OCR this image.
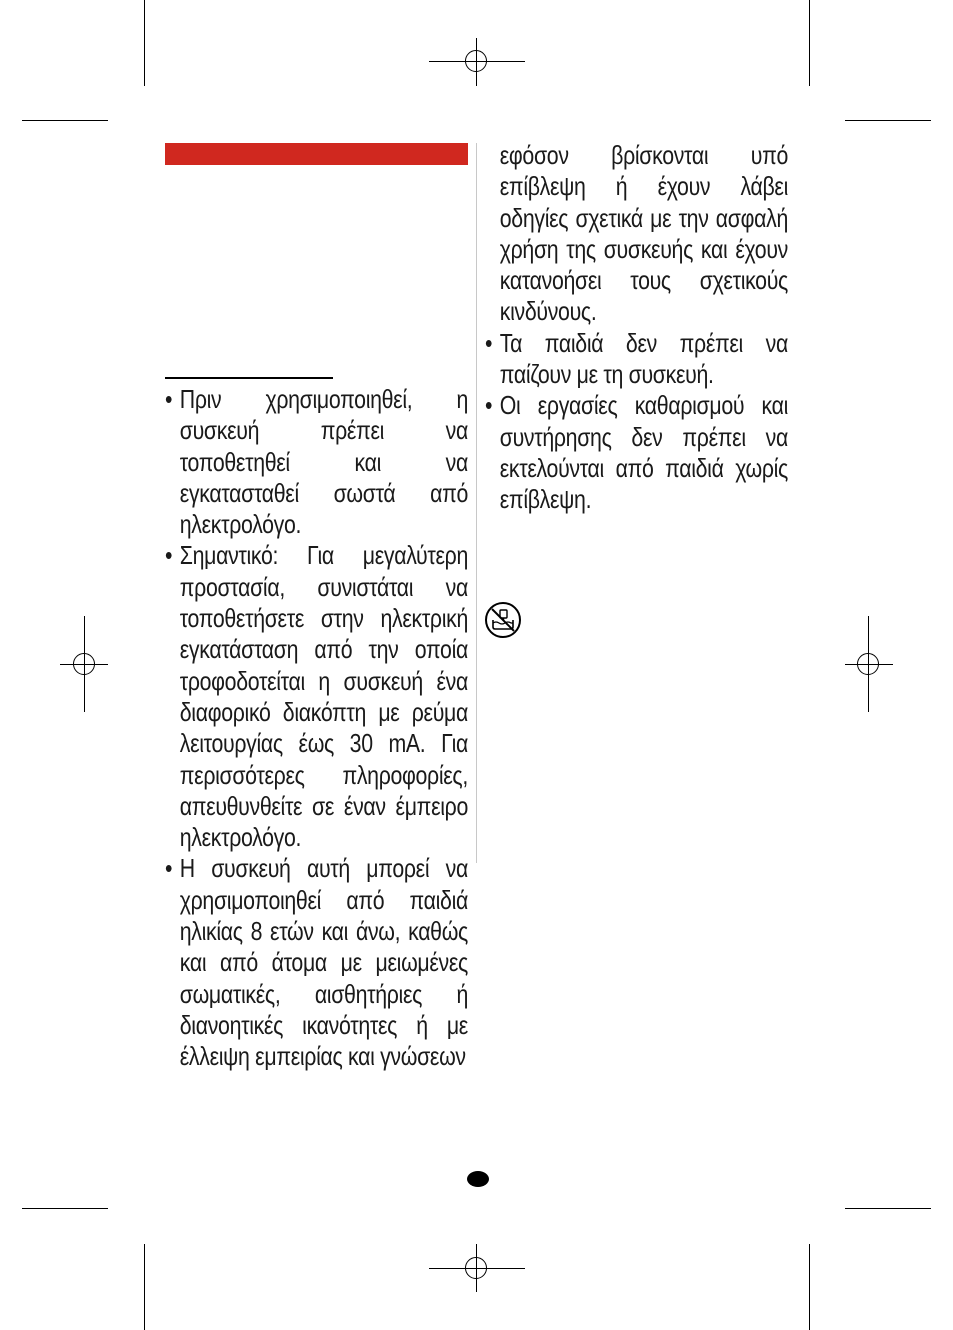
• Πριν χρησιμοποιηθεί, η συσκευή πρέπει να τοποθετηθεί και να εγκατασταθεί σωστά από ηλεκτρολόγο.

• Σημαντικό: Για μεγαλύτερη προστασία, συνιστάται να τοποθετήσετε στην ηλεκτρική εγκατάσταση από την οποία τροφοδοτείται η συσκευή ένα διαφορικό διακόπτη με ρεύμα λειτουργίας έως 30 mA. Για περισσότερες πληροφορίες, απευθυνθείτε σε έναν έμπειρο ηλεκτρολόγο.

• Η συσκευή αυτή μπορεί να χρησιμοποιηθεί από παιδιά ηλικίας 8 ετών και άνω, καθώς και από άτομα με μειωμένες σωματικές, αισθητήριες ή διανοητικές ικανότητες ή με έλλειψη εμπειρίας και γνώσεων

εφόσον βρίσκονται υπό επίβλεψη ή έχουν λάβει οδηγίες σχετικά με την ασφαλή χρήση της συσκευής και έχουν κατανοήσει τους σχετικούς κινδύνους.

• Τα παιδιά δεν πρέπει να παίζουν με τη συσκευή.

• Οι εργασίες καθαρισμού και συντήρησης δεν πρέπει να εκτελούνται από παιδιά χωρίς επίβλεψη.
